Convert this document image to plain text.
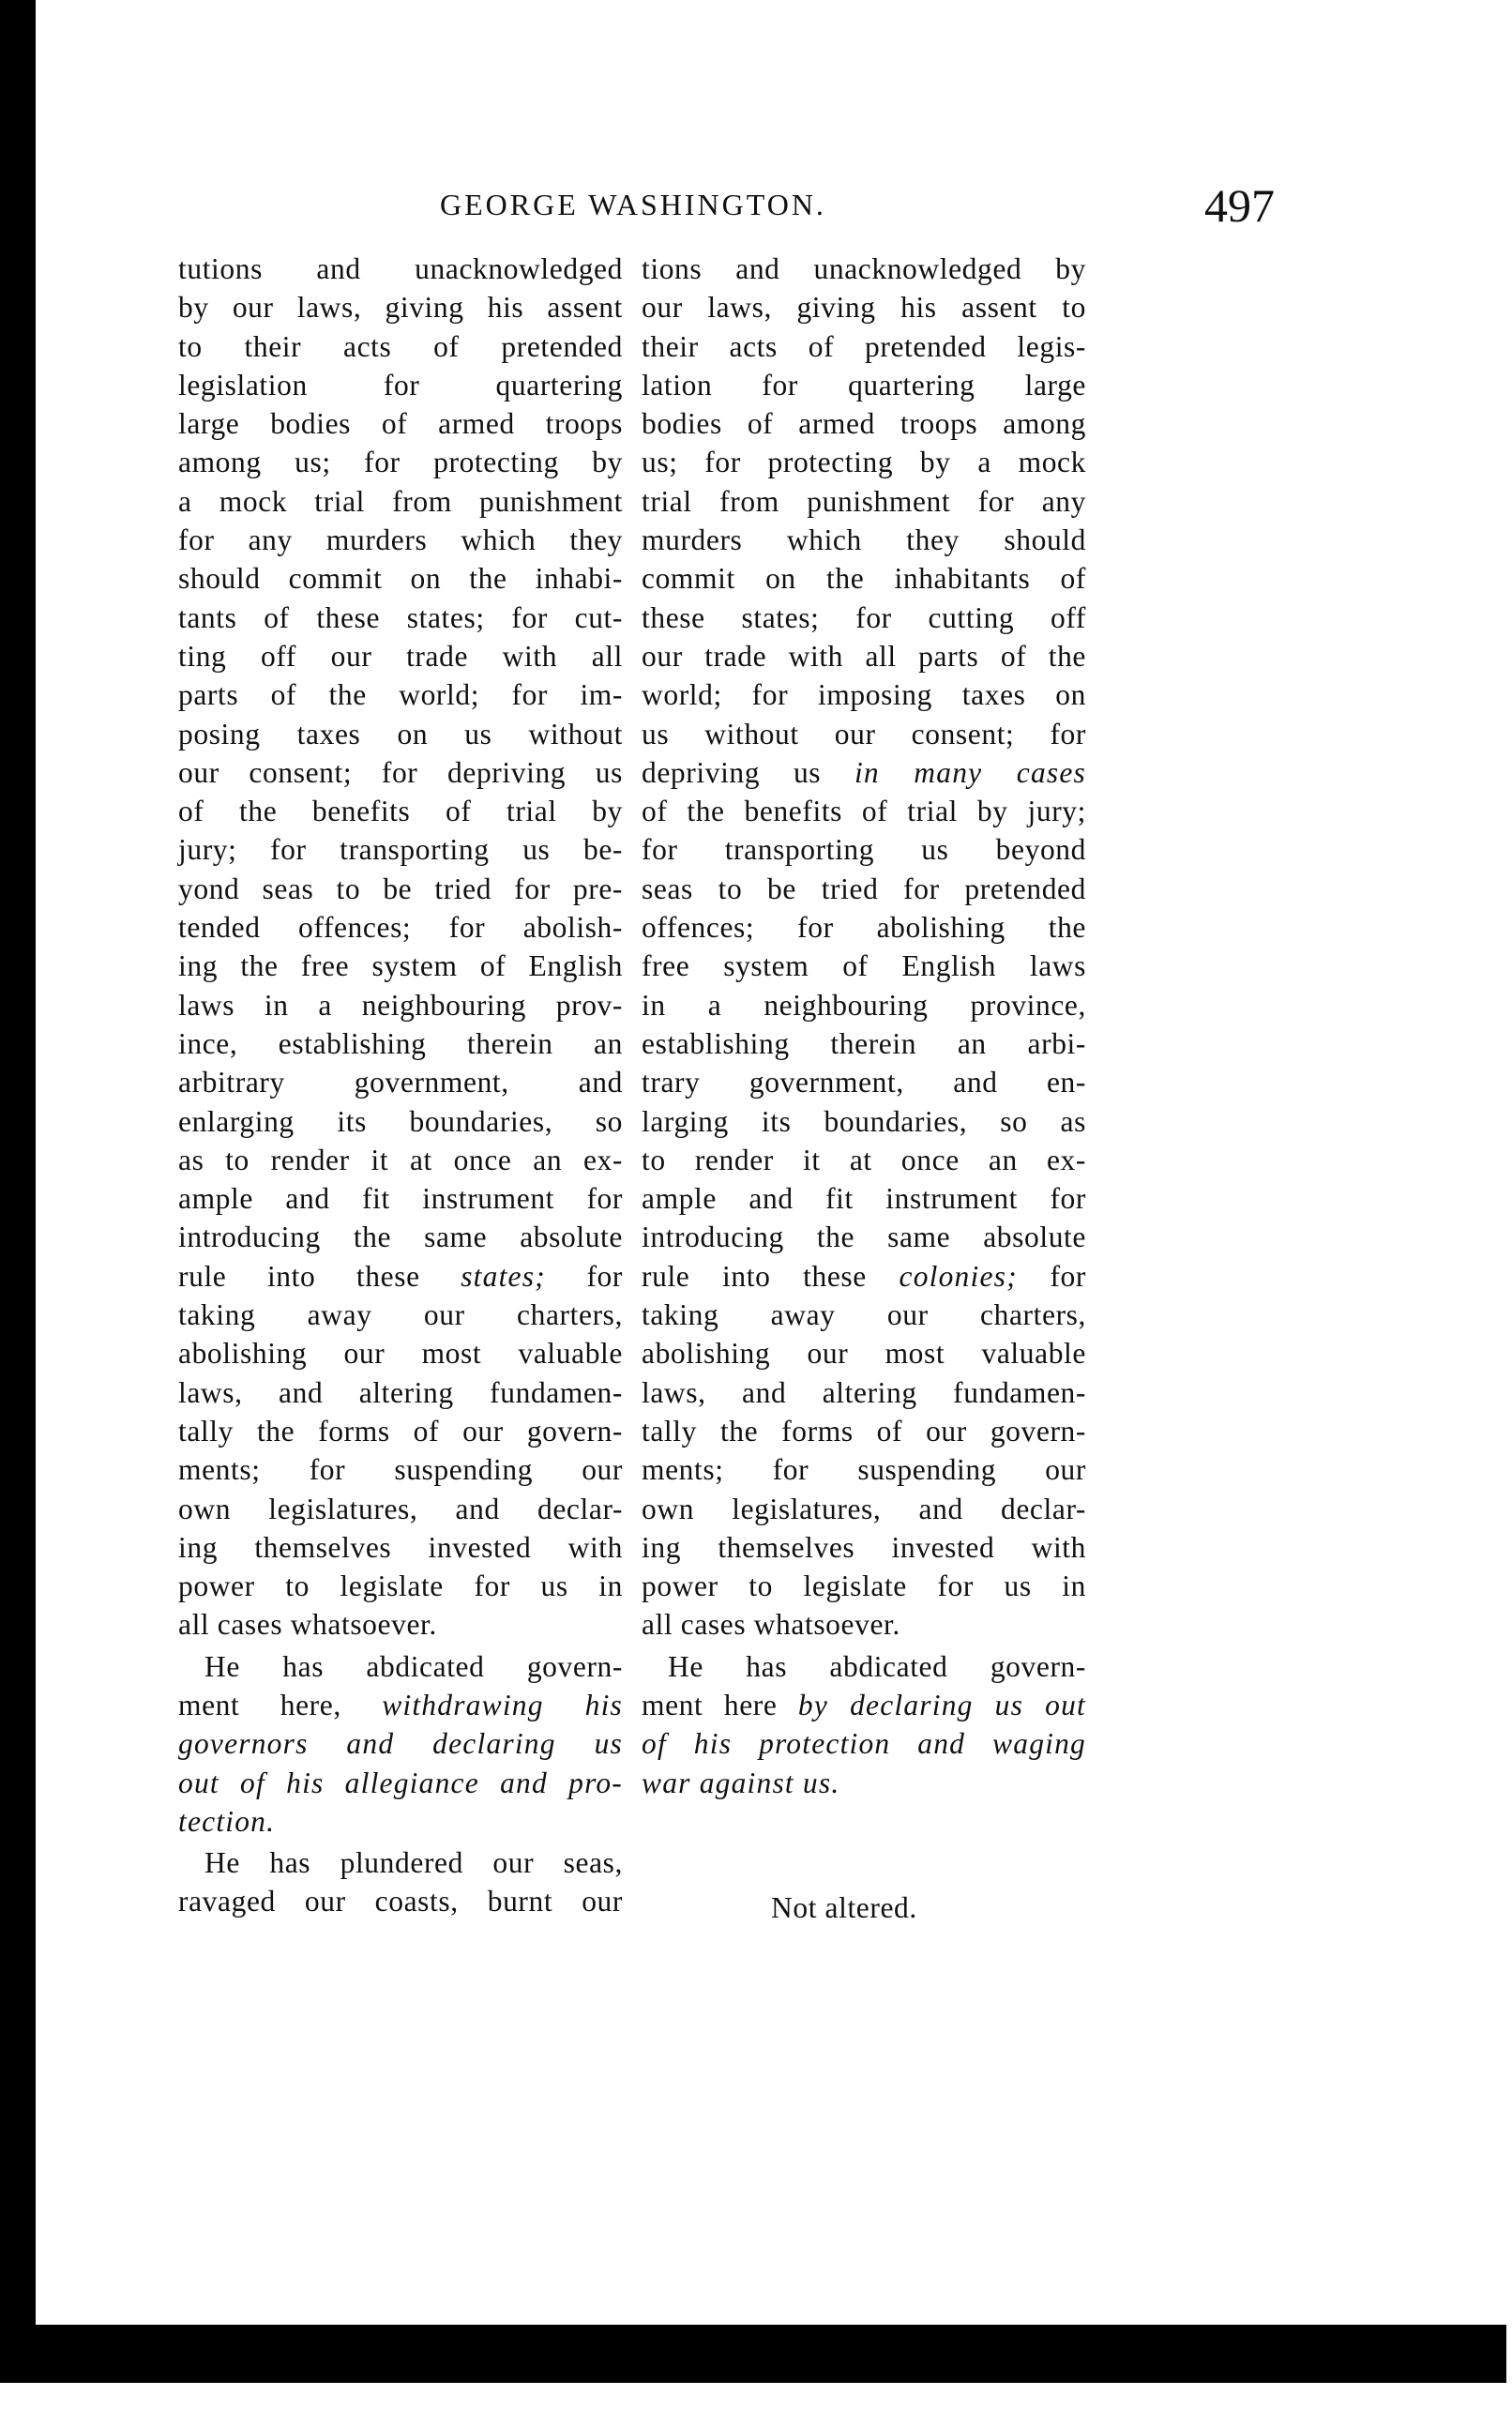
GEORGE WASHINGTON.	497
tutions and unacknowledged
by our laws, giving his assent
to their acts of pretended
legislation for quartering
large bodies of armed troops
among us; for protecting by
a mock trial from punishment
for any murders which they
should commit on the inhabi-
tants of these states; for cut-
ting off our trade with all
parts of the world; for im-
posing taxes on us without
our consent; for depriving us
of the benefits of trial by
jury; for transporting us be-
yond seas to be tried for pre-
tended offences; for abolish-
ing the free system of English
laws in a neighbouring prov-
ince, establishing therein an
arbitrary government, and
enlarging its boundaries, so
as to render it at once an ex-
ample and fit instrument for
introducing the same absolute
rule into these states; for
taking away our charters,
abolishing our most valuable
laws, and altering fundamen-
tally the forms of our govern-
ments; for suspending our
own legislatures, and declar-
ing themselves invested with
power to legislate for us in
all cases whatsoever.
He has abdicated govern-
ment here, withdrawing his
governors and declaring us
out of his allegiance and pro-
tection.
He has plundered our seas,
ravaged our coasts, burnt our
tions and unacknowledged by
our laws, giving his assent to
their acts of pretended legis-
lation for quartering large
bodies of armed troops among
us; for protecting by a mock
trial from punishment for any
murders which they should
commit on the inhabitants of
these states; for cutting off
our trade with all parts of the
world; for imposing taxes on
us without our consent; for
depriving us in many cases
of the benefits of trial by jury;
for transporting us beyond
seas to be tried for pretended
offences; for abolishing the
free system of English laws
in a neighbouring province,
establishing therein an arbi-
trary government, and en-
larging its boundaries, so as
to render it at once an ex-
ample and fit instrument for
introducing the same absolute
rule into these colonies; for
taking away our charters,
abolishing our most valuable
laws, and altering fundamen-
tally the forms of our govern-
ments; for suspending our
own legislatures, and declar-
ing themselves invested with
power to legislate for us in
all cases whatsoever.
He has abdicated govern-
ment here by declaring us out
of his protection and waging
war against us.
Not altered.
